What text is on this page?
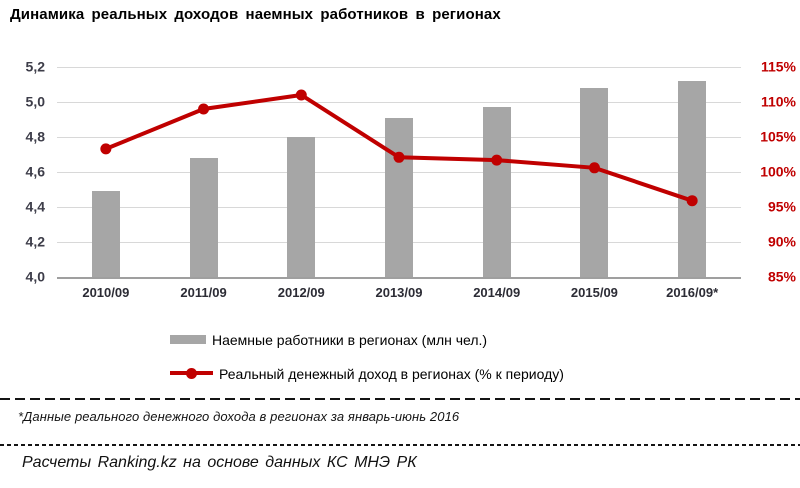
Динамика реальных доходов наемных работников в регионах
5,2
5,0
4,8
4,6
4,4
4,2
4,0
115%
110%
105%
100%
95%
90%
85%
2010/09	2011/09	2012/09	2013/09	2014/09	2015/09	2016/09*
Наемные работники в регионах (млн чел.)
Реальный денежный доход в регионах (% к периоду)
*Данные реального денежного дохода в регионах за январь-июнь 2016
Расчеты Ranking.kz на основе данных КС МНЭ РК
